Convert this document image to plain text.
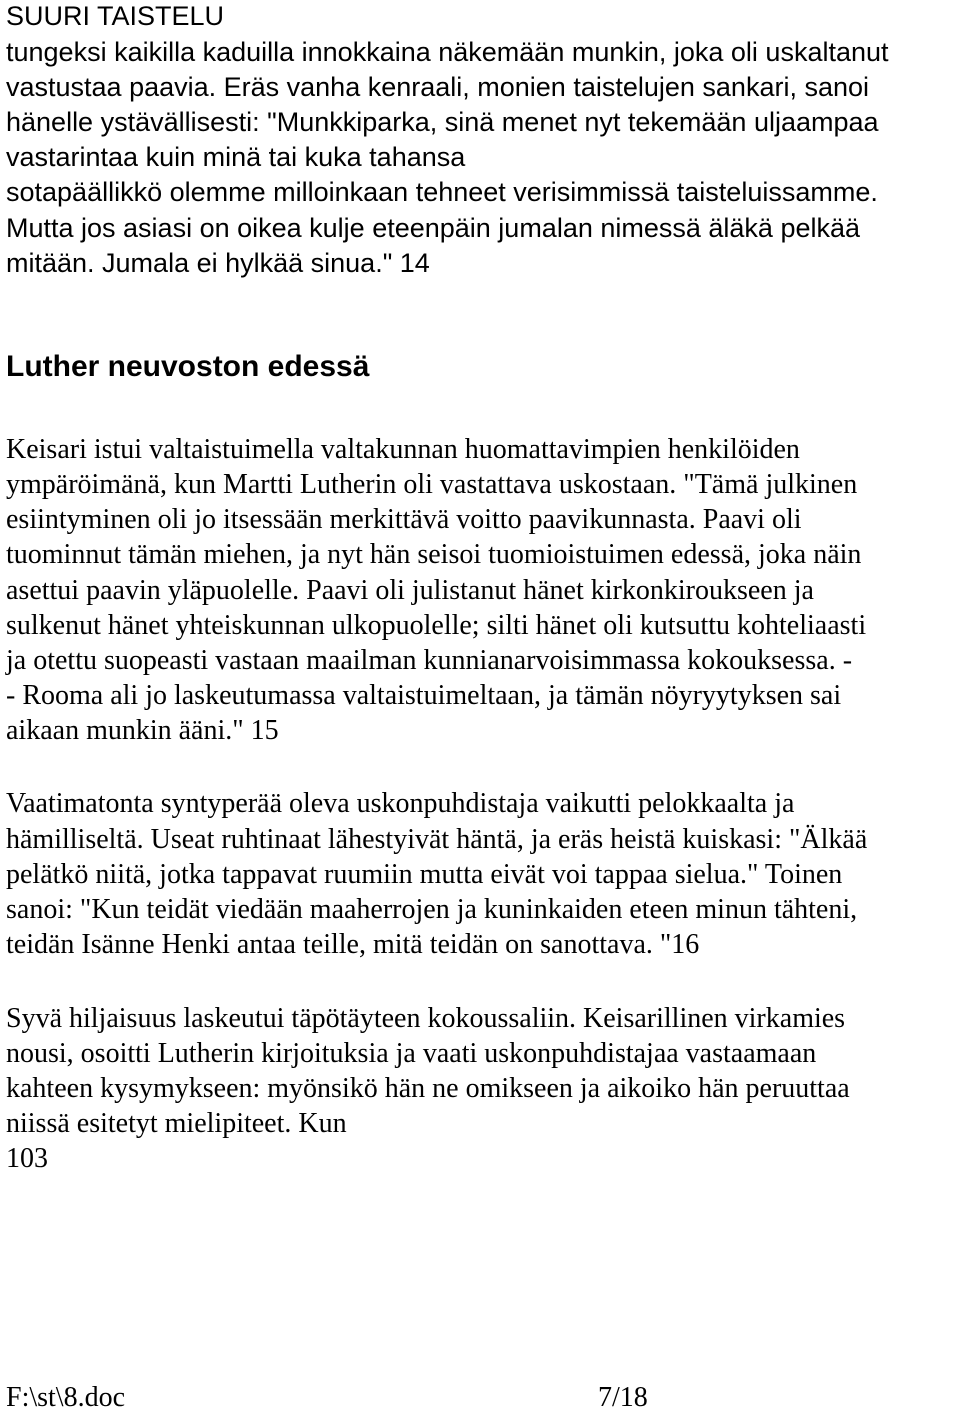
SUURI TAISTELU
tungeksi kaikilla kaduilla innokkaina näkemään munkin, joka oli uskaltanut
vastustaa paavia. Eräs vanha kenraali, monien taistelujen sankari, sanoi
hänelle ystävällisesti: "Munkkiparka, sinä menet nyt tekemään uljaampaa
vastarintaa kuin minä tai kuka tahansa
sotapäällikkö olemme milloinkaan tehneet verisimmissä taisteluissamme.
Mutta jos asiasi on oikea kulje eteenpäin jumalan nimessä äläkä pelkää
mitään. Jumala ei hylkää sinua." 14
Luther neuvoston edessä
Keisari istui valtaistuimella valtakunnan huomattavimpien henkilöiden
ympäröimänä, kun Martti Lutherin oli vastattava uskostaan. "Tämä julkinen
esiintyminen oli jo itsessään merkittävä voitto paavikunnasta. Paavi oli
tuominnut tämän miehen, ja nyt hän seisoi tuomioistuimen edessä, joka näin
asettui paavin yläpuolelle. Paavi oli julistanut hänet kirkonkiroukseen ja
sulkenut hänet yhteiskunnan ulkopuolelle; silti hänet oli kutsuttu kohteliaasti
ja otettu suopeasti vastaan maailman kunnianarvoisimmassa kokouksessa. -
- Rooma ali jo laskeutumassa valtaistuimeltaan, ja tämän nöyryytyksen sai
aikaan munkin ääni." 15
Vaatimatonta syntyperää oleva uskonpuhdistaja vaikutti pelokkaalta ja
hämilliseltä. Useat ruhtinaat lähestyivät häntä, ja eräs heistä kuiskasi: "Älkää
pelätkö niitä, jotka tappavat ruumiin mutta eivät voi tappaa sielua." Toinen
sanoi: "Kun teidät viedään maaherrojen ja kuninkaiden eteen minun tähteni,
teidän Isänne Henki antaa teille, mitä teidän on sanottava. "16
Syvä hiljaisuus laskeutui täpötäyteen kokoussaliin. Keisarillinen virkamies
nousi, osoitti Lutherin kirjoituksia ja vaati uskonpuhdistajaa vastaamaan
kahteen kysymykseen: myönsikö hän ne omikseen ja aikoiko hän peruuttaa
niissä esitetyt mielipiteet. Kun
103
F:\st\8.doc	7/18
